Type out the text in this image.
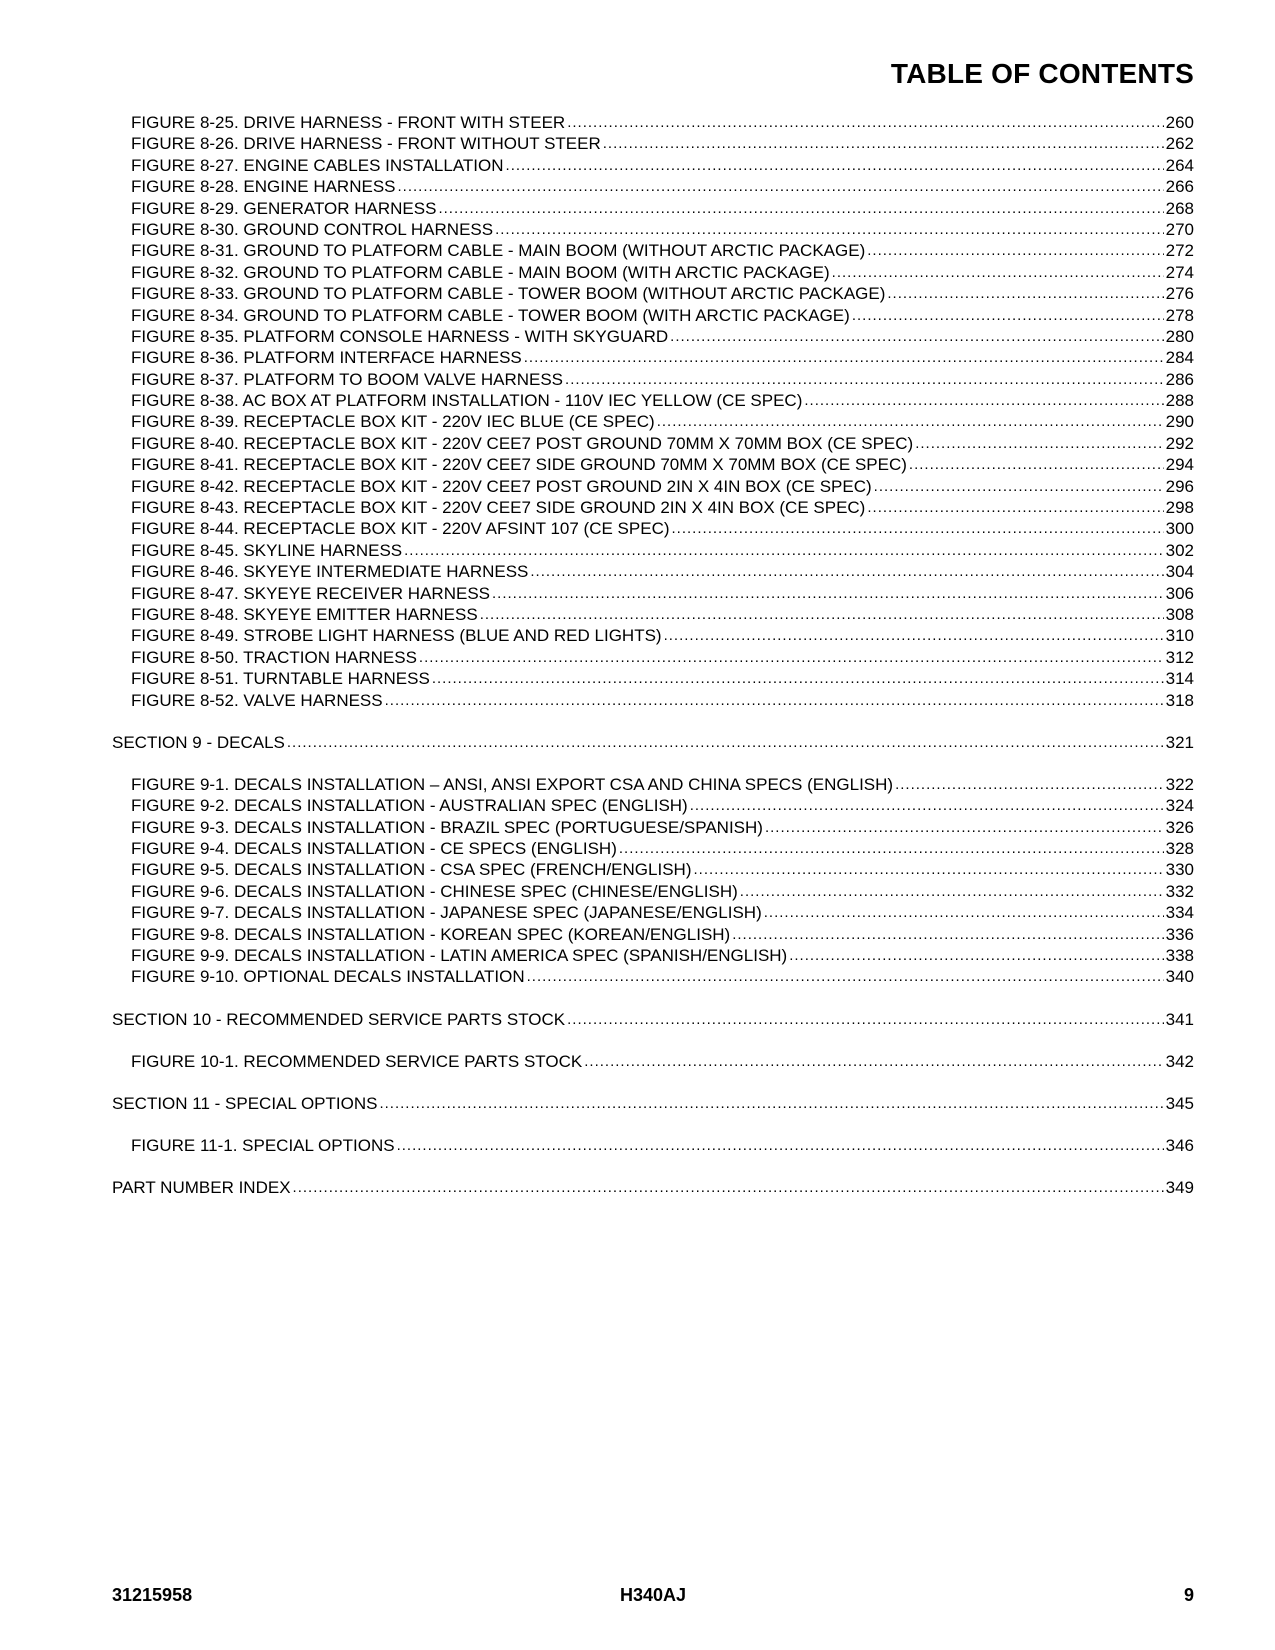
TABLE OF CONTENTS
FIGURE 8-25. DRIVE HARNESS - FRONT WITH STEER .....	260
FIGURE 8-26. DRIVE HARNESS - FRONT WITHOUT STEER .....	262
FIGURE 8-27. ENGINE CABLES INSTALLATION .....	264
FIGURE 8-28. ENGINE HARNESS .....	266
FIGURE 8-29. GENERATOR HARNESS .....	268
FIGURE 8-30. GROUND CONTROL HARNESS .....	270
FIGURE 8-31. GROUND TO PLATFORM CABLE - MAIN BOOM (WITHOUT ARCTIC PACKAGE) .....	272
FIGURE 8-32. GROUND TO PLATFORM CABLE - MAIN BOOM (WITH ARCTIC PACKAGE) .....	274
FIGURE 8-33. GROUND TO PLATFORM CABLE - TOWER BOOM (WITHOUT ARCTIC PACKAGE) .....	276
FIGURE 8-34. GROUND TO PLATFORM CABLE - TOWER BOOM (WITH ARCTIC PACKAGE) .....	278
FIGURE 8-35. PLATFORM CONSOLE HARNESS - WITH SKYGUARD .....	280
FIGURE 8-36. PLATFORM INTERFACE HARNESS .....	284
FIGURE 8-37. PLATFORM TO BOOM VALVE HARNESS .....	286
FIGURE 8-38. AC BOX AT PLATFORM INSTALLATION - 110V IEC YELLOW (CE SPEC) .....	288
FIGURE 8-39. RECEPTACLE BOX KIT - 220V IEC BLUE (CE SPEC) .....	290
FIGURE 8-40. RECEPTACLE BOX KIT - 220V CEE7 POST GROUND 70MM X 70MM BOX (CE SPEC) .....	292
FIGURE 8-41. RECEPTACLE BOX KIT - 220V CEE7 SIDE GROUND 70MM X 70MM BOX (CE SPEC) .....	294
FIGURE 8-42. RECEPTACLE BOX KIT - 220V CEE7 POST GROUND 2IN X 4IN BOX (CE SPEC) .....	296
FIGURE 8-43. RECEPTACLE BOX KIT - 220V CEE7 SIDE GROUND 2IN X 4IN BOX (CE SPEC) .....	298
FIGURE 8-44. RECEPTACLE BOX KIT - 220V AFSINT 107 (CE SPEC) .....	300
FIGURE 8-45. SKYLINE HARNESS .....	302
FIGURE 8-46. SKYEYE INTERMEDIATE HARNESS .....	304
FIGURE 8-47. SKYEYE RECEIVER HARNESS .....	306
FIGURE 8-48. SKYEYE EMITTER HARNESS .....	308
FIGURE 8-49. STROBE LIGHT HARNESS (BLUE AND RED LIGHTS) .....	310
FIGURE 8-50. TRACTION HARNESS .....	312
FIGURE 8-51. TURNTABLE HARNESS .....	314
FIGURE 8-52. VALVE HARNESS .....	318
SECTION 9 - DECALS .....	321
FIGURE 9-1. DECALS INSTALLATION – ANSI, ANSI EXPORT CSA AND CHINA SPECS (ENGLISH) .....	322
FIGURE 9-2. DECALS INSTALLATION - AUSTRALIAN SPEC (ENGLISH) .....	324
FIGURE 9-3. DECALS INSTALLATION - BRAZIL SPEC (PORTUGUESE/SPANISH) .....	326
FIGURE 9-4. DECALS INSTALLATION - CE SPECS (ENGLISH) .....	328
FIGURE 9-5. DECALS INSTALLATION - CSA SPEC (FRENCH/ENGLISH) .....	330
FIGURE 9-6. DECALS INSTALLATION - CHINESE SPEC (CHINESE/ENGLISH) .....	332
FIGURE 9-7. DECALS INSTALLATION - JAPANESE SPEC (JAPANESE/ENGLISH) .....	334
FIGURE 9-8. DECALS INSTALLATION - KOREAN SPEC (KOREAN/ENGLISH) .....	336
FIGURE 9-9. DECALS INSTALLATION - LATIN AMERICA SPEC (SPANISH/ENGLISH) .....	338
FIGURE 9-10. OPTIONAL DECALS INSTALLATION .....	340
SECTION 10 - RECOMMENDED SERVICE PARTS STOCK .....	341
FIGURE 10-1. RECOMMENDED SERVICE PARTS STOCK .....	342
SECTION 11 - SPECIAL OPTIONS .....	345
FIGURE 11-1. SPECIAL OPTIONS .....	346
PART NUMBER INDEX .....	349
31215958	H340AJ	9
